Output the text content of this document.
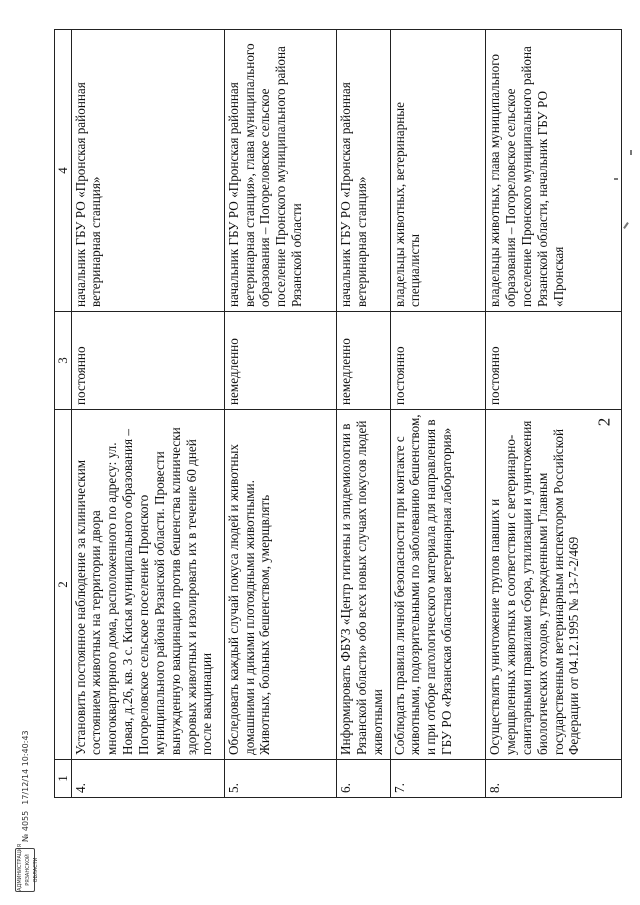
2
1	2	3	4
4.	Установить постоянное наблюдение за клиническим состоянием животных на территории двора многоквартирного дома, расположенного по адресу: ул. Новая, д.26, кв. 3 с. Кисья муниципального образования – Погореловское сельское поселение Пронского муниципального района Рязанской области. Провести вынужденную вакцинацию против бешенства клинически здоровых животных и изолировать их в течение 60 дней после вакцинации	постоянно	начальник ГБУ РО «Пронская районная ветеринарная станция»
5.	Обследовать каждый случай покуса людей и животных домашними и дикими плотоядными животными. Животных, больных бешенством, умерщвлять	немедленно	начальник ГБУ РО «Пронская районная ветеринарная станция», глава муниципального образования – Погореловское сельское поселение Пронского муниципального района Рязанской области
6.	Информировать ФБУЗ «Центр гигиены и эпидемиологии в Рязанской области» обо всех новых случаях покусов людей животными	немедленно	начальник ГБУ РО «Пронская районная ветеринарная станция»
7.	Соблюдать правила личной безопасности при контакте с животными, подозрительными по заболеванию бешенством, и при отборе патологического материала для направления в ГБУ РО «Рязанская областная ветеринарная лаборатория»	постоянно	владельцы животных, ветеринарные специалисты
8.	Осуществлять уничтожение трупов павших и умерщвленных животных в соответствии с ветеринарно-санитарными правилами сбора, утилизации и уничтожения биологических отходов, утвержденными Главным государственным ветеринарным инспектором Российской Федерации от 04.12.1995 № 13-7-2/469	постоянно	владельцы животных, глава муниципального образования – Погореловское сельское поселение Пронского муниципального района Рязанской области, начальник ГБУ РО «Пронская
АДМИНИСТРАЦИЯ РЯЗАНСКОЙ ОБЛАСТИ
№ 4055
17/12/14 10:40:43
